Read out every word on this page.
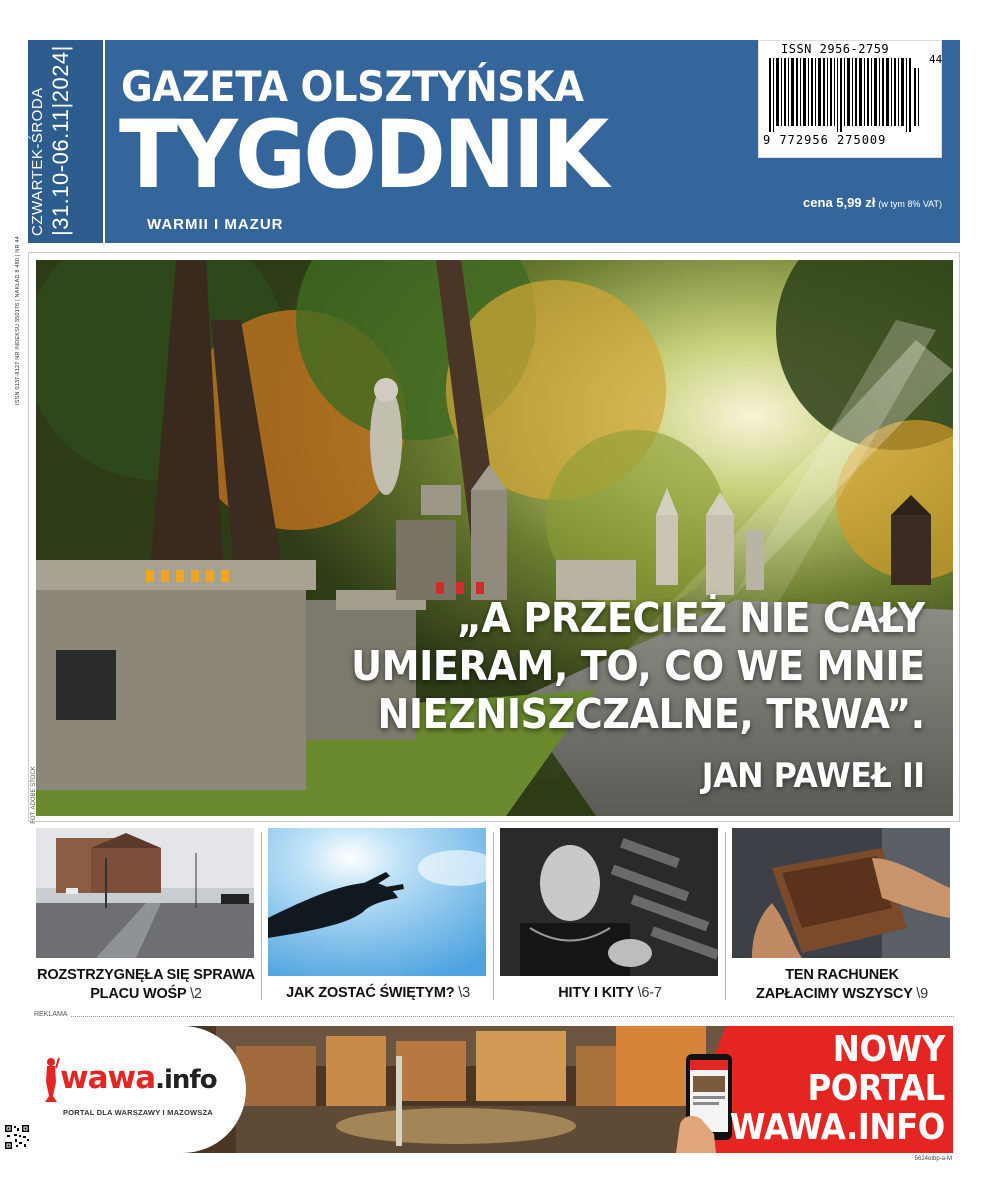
CZWARTEK-ŚRODA |31.10-06.11|2024| GAZETA OLSZTYŃSKA
TYGODNIK
WARMII I MAZUR
ISSN 2956-2759
44
9 772956 275009
cena 5,99 zł (w tym 8% VAT)
ISSN 0137-8127 NR INDEKSU 350176 | NAKŁAD 8 480 | NR 44
„A PRZECIEŻ NIE CAŁY
UMIERAM, TO, CO WE MNIE
NIEZNISZCZALNE, TRWA”.
JAN PAWEŁ II
FOT. ADOBE STOCK
ROZSTRZYGNĘŁA SIĘ SPRAWA
PLACU WOŚP \2	JAK ZOSTAĆ ŚWIĘTYM? \3	HITY I KITY \6-7
TEN RACHUNEK
ZAPŁACIMY WSZYSCY \9
REKLAMA
wawa.info
PORTAL DLA WARSZAWY I MAZOWSZA
NOWY
PORTAL
WAWA.INFO
5624otbp-a-M
